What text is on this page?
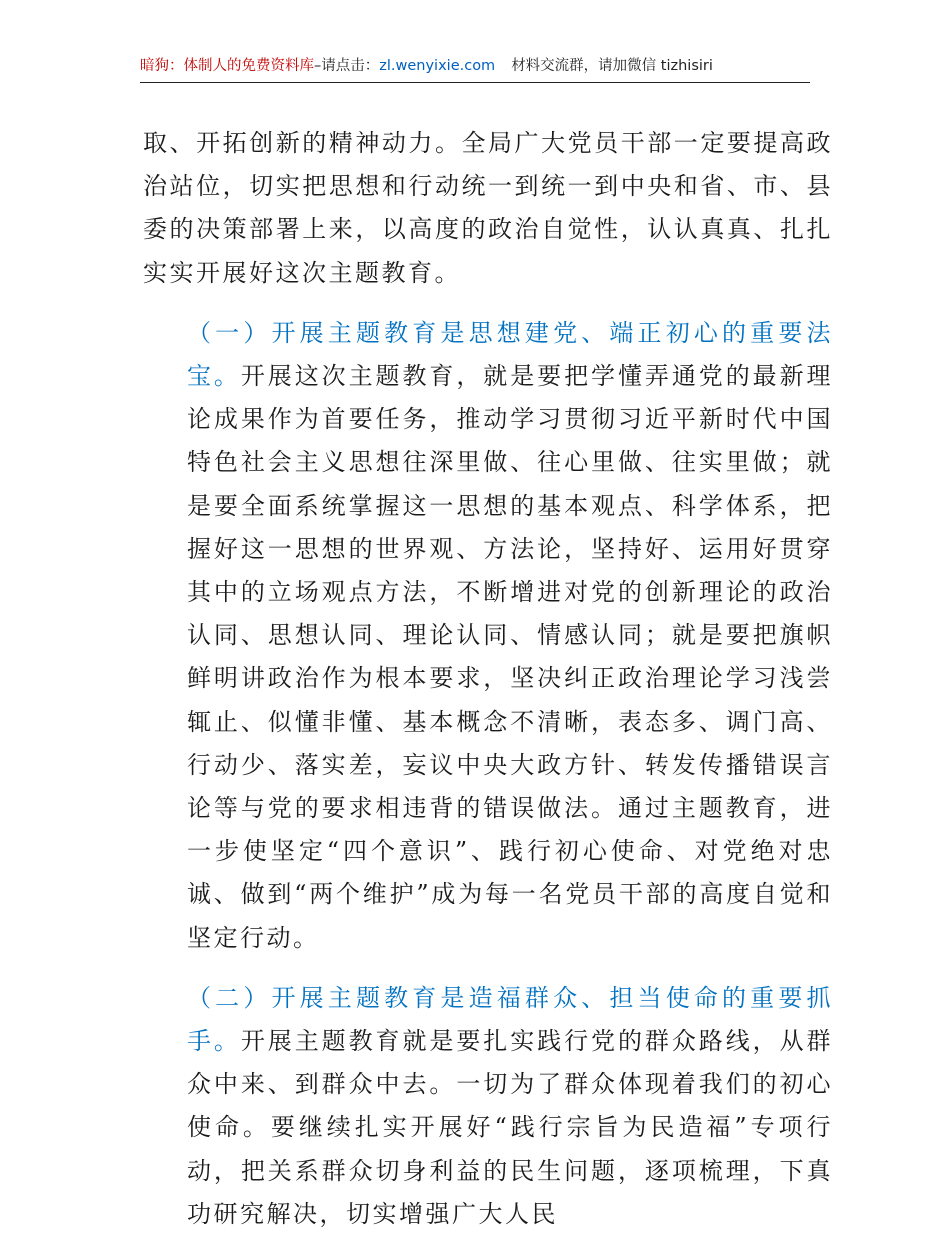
暗狗：体制人的免费资料库–请点击：zl.wenyixie.com 材料交流群，请加微信 tizhisiri

取、开拓创新的精神动力。全局广大党员干部一定要提高政治站位，切实把思想和行动统一到统一到中央和省、市、县委的决策部署上来，以高度的政治自觉性，认认真真、扎扎实实开展好这次主题教育。

（一）开展主题教育是思想建党、端正初心的重要法宝。开展这次主题教育，就是要把学懂弄通党的最新理论成果作为首要任务，推动学习贯彻习近平新时代中国特色社会主义思想往深里做、往心里做、往实里做；就是要全面系统掌握这一思想的基本观点、科学体系，把握好这一思想的世界观、方法论，坚持好、运用好贯穿其中的立场观点方法，不断增进对党的创新理论的政治认同、思想认同、理论认同、情感认同；就是要把旗帜鲜明讲政治作为根本要求，坚决纠正政治理论学习浅尝辄止、似懂非懂、基本概念不清晰，表态多、调门高、行动少、落实差，妄议中央大政方针、转发传播错误言论等与党的要求相违背的错误做法。通过主题教育，进一步使坚定“四个意识”、践行初心使命、对党绝对忠诚、做到“两个维护”成为每一名党员干部的高度自觉和坚定行动。

（二）开展主题教育是造福群众、担当使命的重要抓手。开展主题教育就是要扎实践行党的群众路线，从群众中来、到群众中去。一切为了群众体现着我们的初心使命。要继续扎实开展好“践行宗旨为民造福”专项行动，把关系群众切身利益的民生问题，逐项梳理，下真功研究解决，切实增强广大人民
